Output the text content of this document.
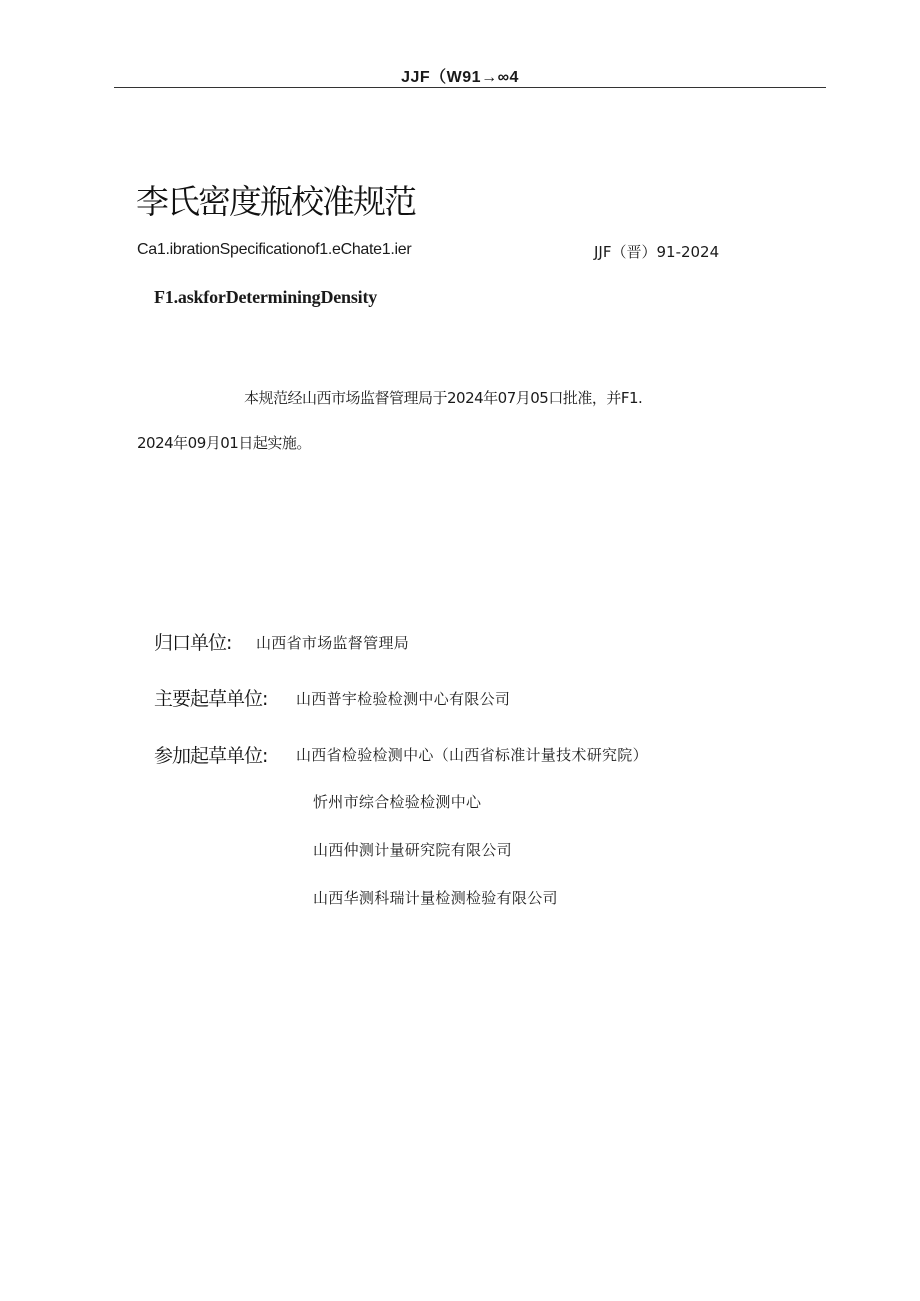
JJF（W91→∞4
李氏密度瓶校准规范
Ca1.ibrationSpecificationof1.eChate1.ier	JJF（晋）91-2024
F1.askforDeterminingDensity
本规范经山西市场监督管理局于2024年07月05口批准，并F1.
2024年09月01日起实施。
归口单位: 山西省市场监督管理局
主要起草单位: 山西普宇检验检测中心有限公司
参加起草单位: 山西省检验检测中心（山西省标准计量技术研究院）
忻州市综合检验检测中心
山西仲测计量研究院有限公司
山西华测科瑞计量检测检验有限公司
